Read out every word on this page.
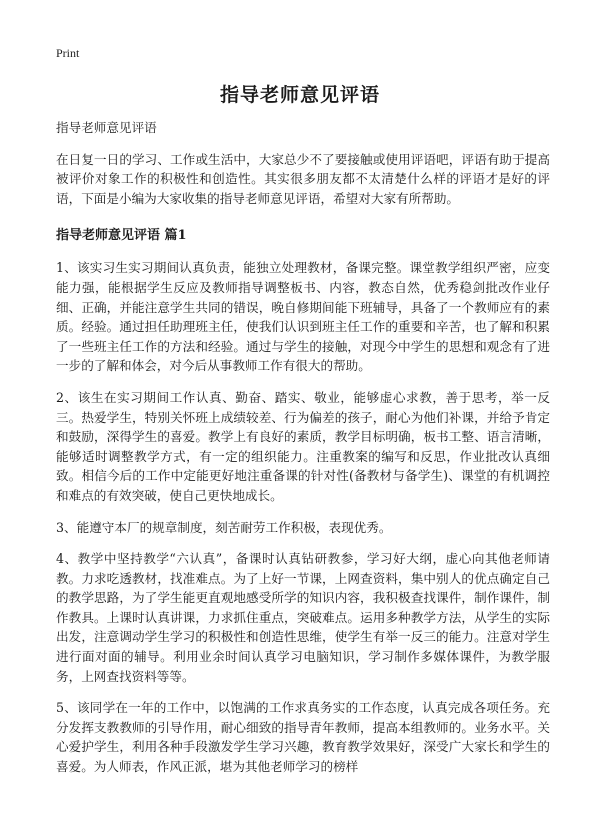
Print
指导老师意见评语

指导老师意见评语

在日复一日的学习、工作或生活中，大家总少不了要接触或使用评语吧，评语有助于提高被评价对象工作的积极性和创造性。其实很多朋友都不太清楚什么样的评语才是好的评语，下面是小编为大家收集的指导老师意见评语，希望对大家有所帮助。

指导老师意见评语 篇1

1、该实习生实习期间认真负责，能独立处理教材，备课完整。课堂教学组织严密，应变能力强，能根据学生反应及教师指导调整板书、内容，教态自然，优秀稳剑批改作业仔细、正确，并能注意学生共同的错误，晚自修期间能下班辅导，具备了一个教师应有的素质。经验。通过担任助理班主任，使我们认识到班主任工作的重要和辛苦，也了解和积累了一些班主任工作的方法和经验。通过与学生的接触，对现今中学生的思想和观念有了进一步的了解和体会，对今后从事教师工作有很大的帮助。

2、该生在实习期间工作认真、勤奋、踏实、敬业，能够虚心求教，善于思考，举一反三。热爱学生，特别关怀班上成绩较差、行为偏差的孩子，耐心为他们补课，并给予肯定和鼓励，深得学生的喜爱。教学上有良好的素质，教学目标明确，板书工整、语言清晰，能够适时调整教学方式，有一定的组织能力。注重教案的编写和反思，作业批改认真细致。相信今后的工作中定能更好地注重备课的针对性(备教材与备学生)、课堂的有机调控和难点的有效突破，使自己更快地成长。

3、能遵守本厂的规章制度，刻苦耐劳工作积极，表现优秀。

4、教学中坚持教学“六认真”，备课时认真钻研教参，学习好大纲，虚心向其他老师请教。力求吃透教材，找准难点。为了上好一节课，上网查资料，集中别人的优点确定自己的教学思路，为了学生能更直观地感受所学的知识内容，我积极查找课件，制作课件，制作教具。上课时认真讲课，力求抓住重点，突破难点。运用多种教学方法，从学生的实际出发，注意调动学生学习的积极性和创造性思维，使学生有举一反三的能力。注意对学生进行面对面的辅导。利用业余时间认真学习电脑知识，学习制作多媒体课件，为教学服务，上网查找资料等等。

5、该同学在一年的工作中，以饱满的工作求真务实的工作态度，认真完成各项任务。充分发挥支教教师的引导作用，耐心细致的指导青年教师，提高本组教师的。业务水平。关心爱护学生，利用各种手段激发学生学习兴趣，教育教学效果好，深受广大家长和学生的喜爱。为人师表，作风正派，堪为其他老师学习的榜样
